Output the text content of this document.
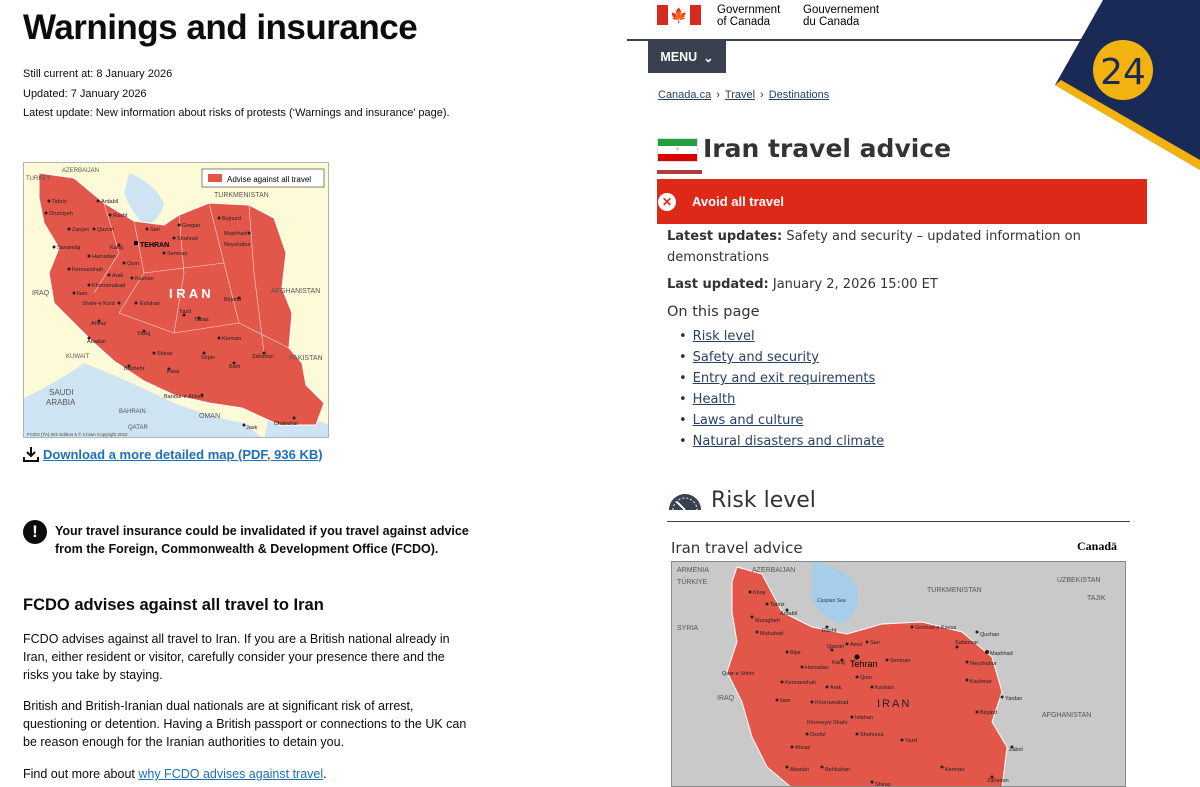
Warnings and insurance
Still current at: 8 January 2026
Updated: 7 January 2026
Latest update: New information about risks of protests (‘Warnings and insurance’ page).
Advise against all travel
TURKEY
AZERBAIJAN
TURKMENISTAN
AFGHANISTAN
PAKISTAN
IRAQ
KUWAIT
SAUDI
ARABIA
BAHRAIN
QATAR
OMAN
I R A N
TEHRAN
Tabriz
Orumiyeh
Ardabil
Rasht
Sari
Gorgan
Bojnurd
Mashhad
Neyshabur
Shahrud
Semnan
Qazvin
Karaj
Qom
Zanjan
Hamadan
Sanandaj
Kermanshah
Arak Kashan
Khorramabad
Ilam
Shahr-e Kord	Esfahan
Ahvaz
Abadan
Yazd
Birjand
Tabas
Yasuj
Shiraz
Kerman
Zahedan
Sirjan
Bam
Bushehr	Fasa
Bandar-e Abbas
Jask
Chabahar
FCDO (TA) 021 Edition 5 © Crown Copyright 2022
Download a more detailed map (PDF, 936 KB)
!	Your travel insurance could be invalidated if you travel against advice from the Foreign, Commonwealth & Development Office (FCDO).
FCDO advises against all travel to Iran

FCDO advises against all travel to Iran. If you are a British national already in Iran, either resident or visitor, carefully consider your presence there and the risks you take by staying.

British and British-Iranian dual nationals are at significant risk of arrest, questioning or detention. Having a British passport or connections to the UK can be reason enough for the Iranian authorities to detain you.

Find out more about why FCDO advises against travel.

🍁	Government
of Canada
Gouvernement
du Canada
MENU ⌄
Canada.ca › Travel › Destinations
♆ Iran travel advice
✕	Avoid all travel
Latest updates: Safety and security – updated information on demonstrations
Last updated: January 2, 2026 15:00 ET
On this page
• Risk level
• Safety and security
• Entry and exit requirements
• Health
• Laws and culture
• Natural disasters and climate
Risk level
Iran travel advice	Canadä
ARMENIA	AZERBAIJAN
TÜRKIYE
TURKMENISTAN
UZBEKISTAN
TAJIK
SYRIA
IRAQ
AFGHANISTAN
Caspian Sea
IRAN
Tehran
Khoy
Tabriz
Ardabil
Maragheh
Mahabad	Rasht	Gonbad-e Kavus
Quchan
Mashhad
Sabzevar
Neyshabur
Kashmar
Sari
Amol
Qazvin
Karaj	Semnan
Bijar
Hamadan
Qom
Arak	Kashan
Kermanshah
Qasr-e Shirin
Ilam	Khorramabad
Isfahan
Khomeyni Shahr
Dezful
Ahvaz
Shahreza
Yazd
Birjand
Zabol
Zahedan
Kerman
Abadan	Behbahan
Shiraz
Yardan
24
